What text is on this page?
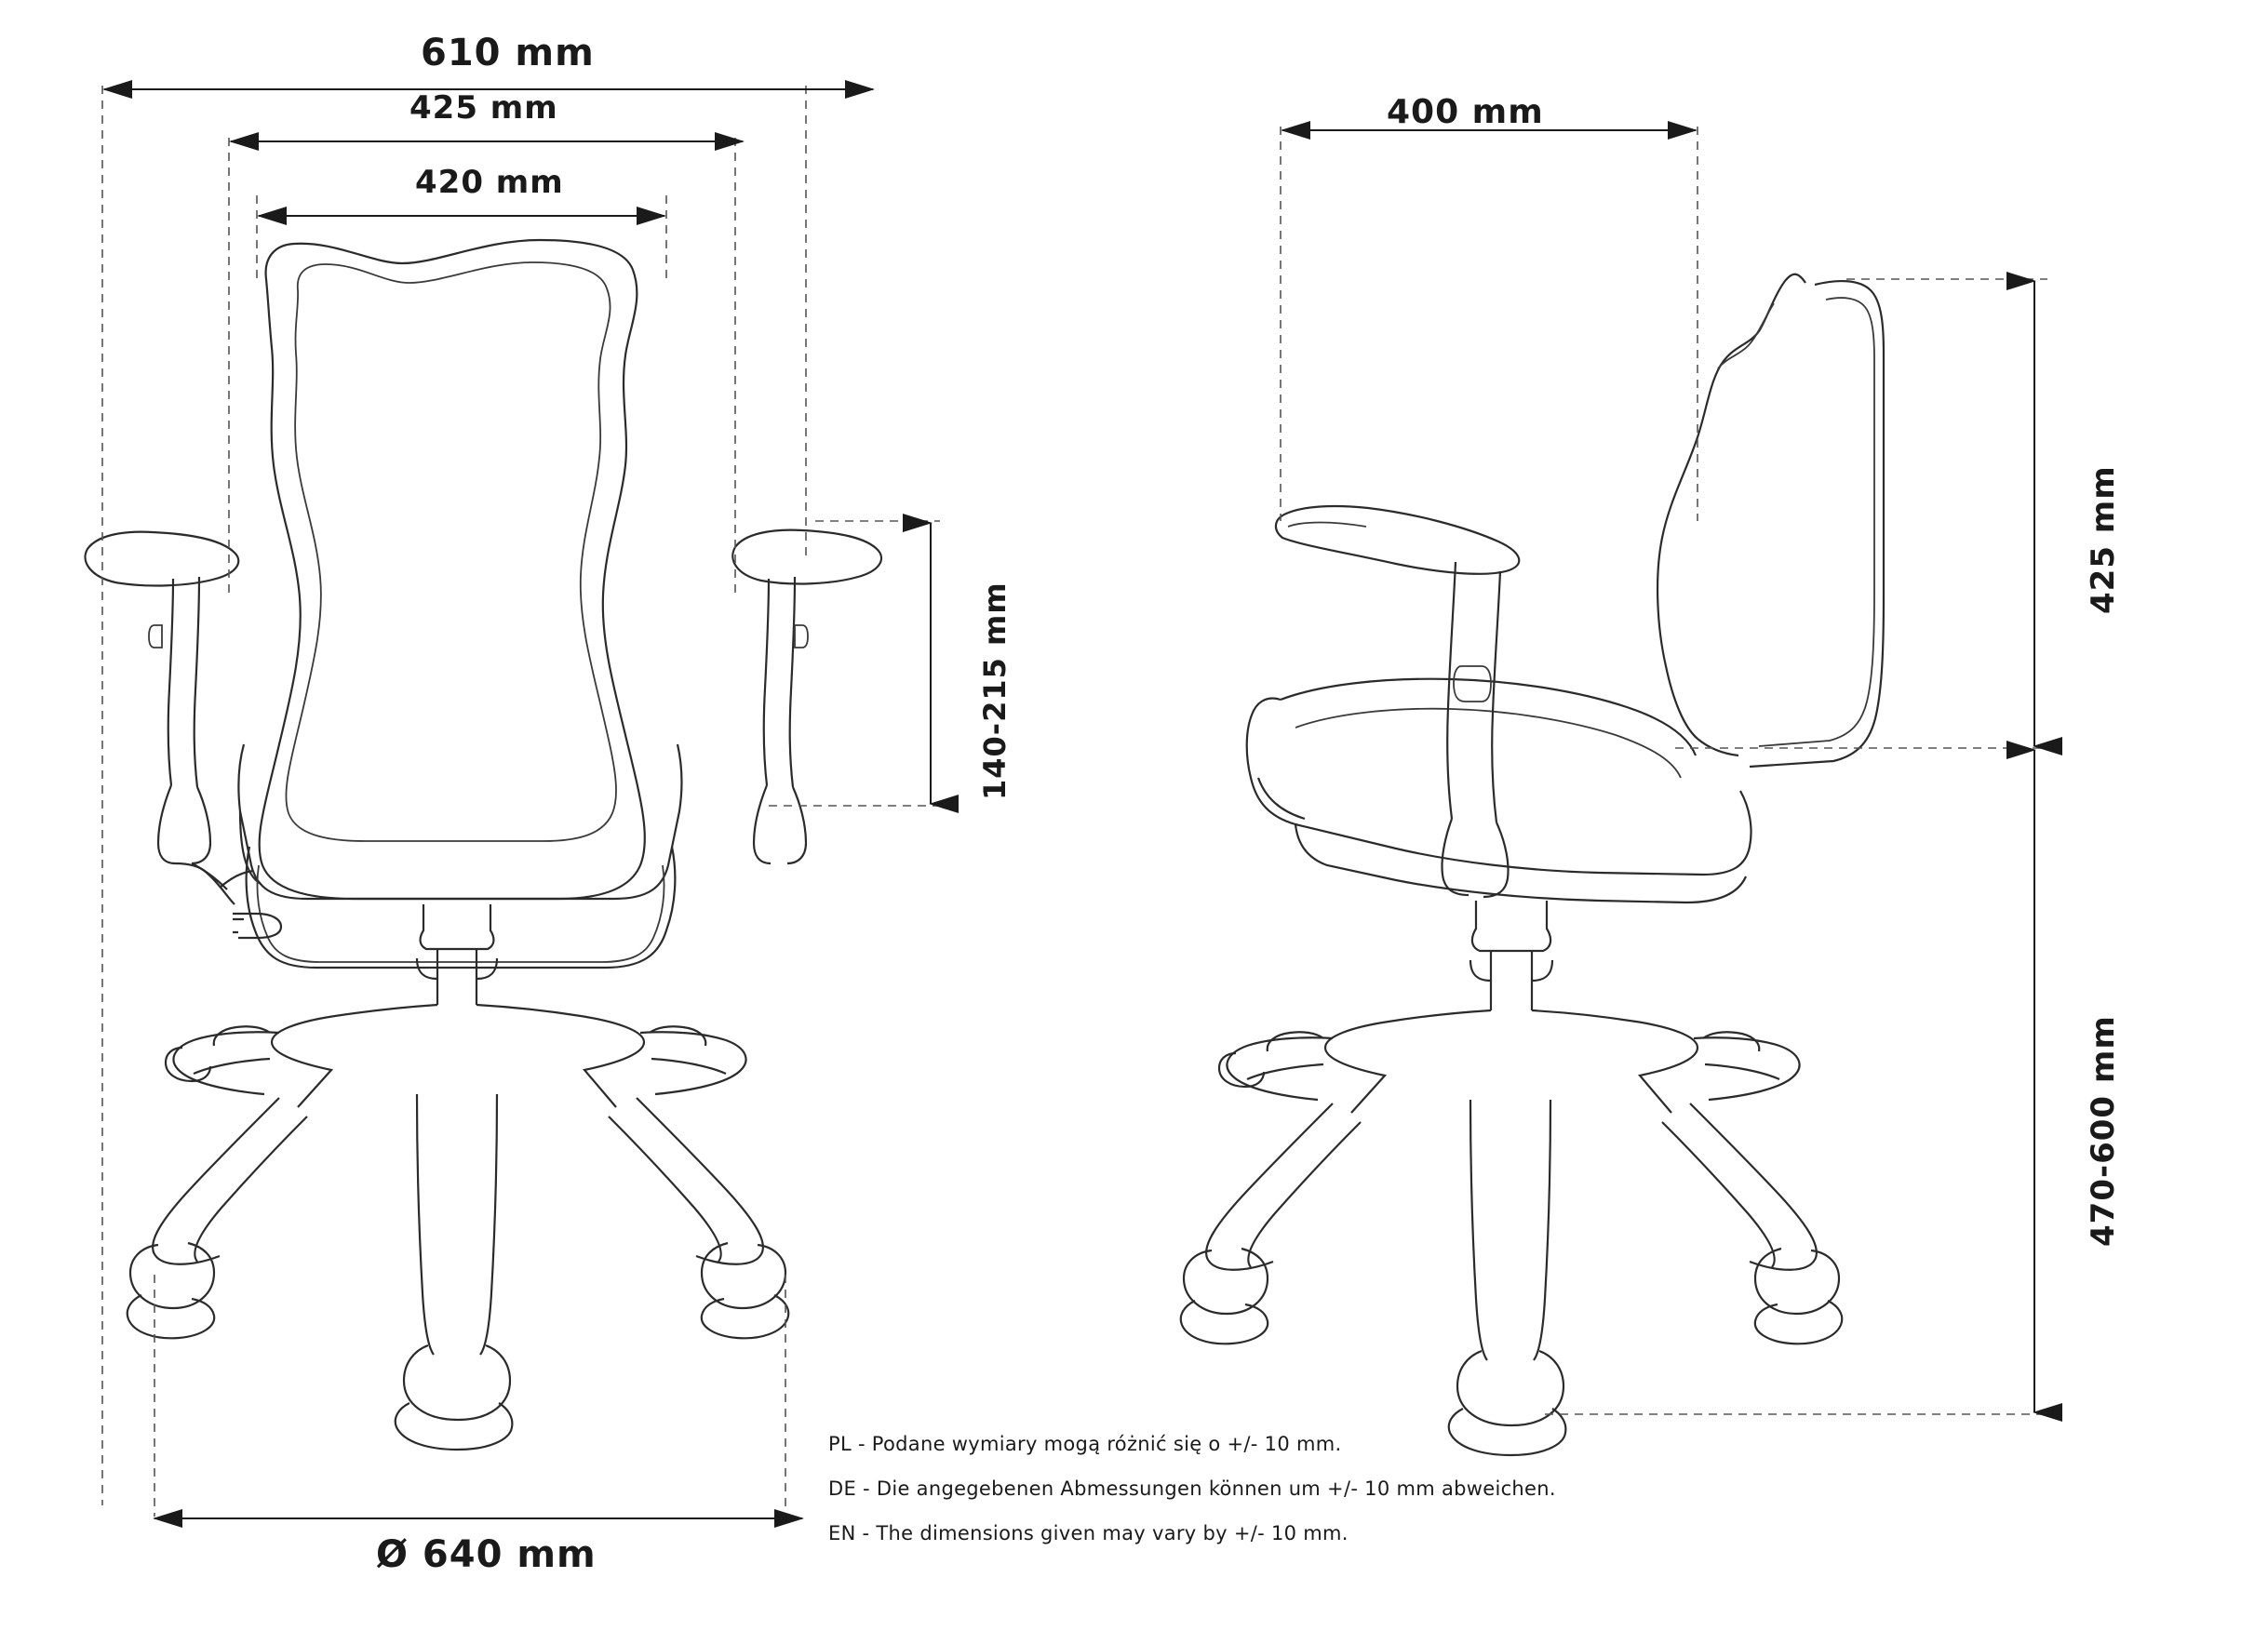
610 mm
425 mm
420 mm
140-215 mm
Ø 640 mm
400 mm
425 mm
470-600 mm
PL - Podane wymiary mogą różnić się o +/- 10 mm.
DE - Die angegebenen Abmessungen können um +/- 10 mm abweichen.
EN - The dimensions given may vary by +/- 10 mm.
